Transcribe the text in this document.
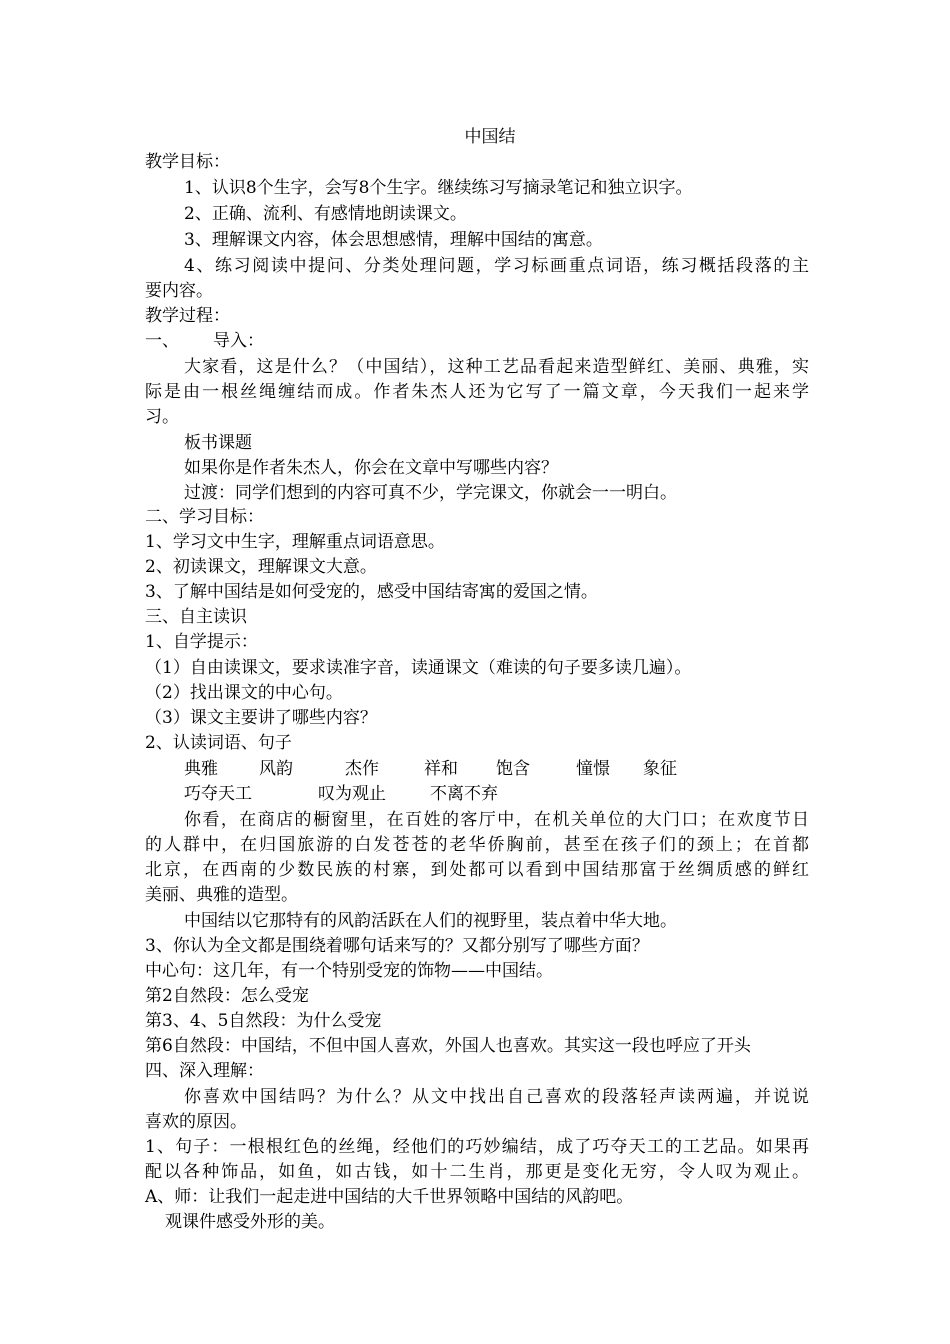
中国结
教学目标：
1、认识8个生字，会写8个生字。继续练习写摘录笔记和独立识字。
2、正确、流利、有感情地朗读课文。
3、理解课文内容，体会思想感情，理解中国结的寓意。
4、练习阅读中提问、分类处理问题，学习标画重点词语，练习概括段落的主
要内容。
教学过程：
一、 导入：
大家看，这是什么？（中国结），这种工艺品看起来造型鲜红、美丽、典雅，实
际是由一根丝绳缠结而成。作者朱杰人还为它写了一篇文章，今天我们一起来学
习。
板书课题
如果你是作者朱杰人，你会在文章中写哪些内容？
过渡：同学们想到的内容可真不少，学完课文，你就会一一明白。
二、学习目标：
1、学习文中生字，理解重点词语意思。
2、初读课文，理解课文大意。
3、了解中国结是如何受宠的，感受中国结寄寓的爱国之情。
三、自主读识
1、自学提示：
（1）自由读课文，要求读准字音，读通课文（难读的句子要多读几遍）。
（2）找出课文的中心句。
（3）课文主要讲了哪些内容？
2、认读词语、句子
典雅 风韵	杰作	祥和 饱含	憧憬 象征
巧夺天工	叹为观止	不离不弃
你看，在商店的橱窗里，在百姓的客厅中，在机关单位的大门口；在欢度节日
的人群中，在归国旅游的白发苍苍的老华侨胸前，甚至在孩子们的颈上；在首都
北京，在西南的少数民族的村寨，到处都可以看到中国结那富于丝绸质感的鲜红
美丽、典雅的造型。
中国结以它那特有的风韵活跃在人们的视野里，装点着中华大地。
3、你认为全文都是围绕着哪句话来写的？又都分别写了哪些方面？
中心句：这几年，有一个特别受宠的饰物——中国结。
第2自然段：怎么受宠
第3、4、5自然段：为什么受宠
第6自然段：中国结，不但中国人喜欢，外国人也喜欢。其实这一段也呼应了开头
四、深入理解：
你喜欢中国结吗？为什么？从文中找出自己喜欢的段落轻声读两遍，并说说
喜欢的原因。
1、句子：一根根红色的丝绳，经他们的巧妙编结，成了巧夺天工的工艺品。如果再
配以各种饰品，如鱼，如古钱，如十二生肖，那更是变化无穷，令人叹为观止。
A、师：让我们一起走进中国结的大千世界领略中国结的风韵吧。
观课件感受外形的美。
